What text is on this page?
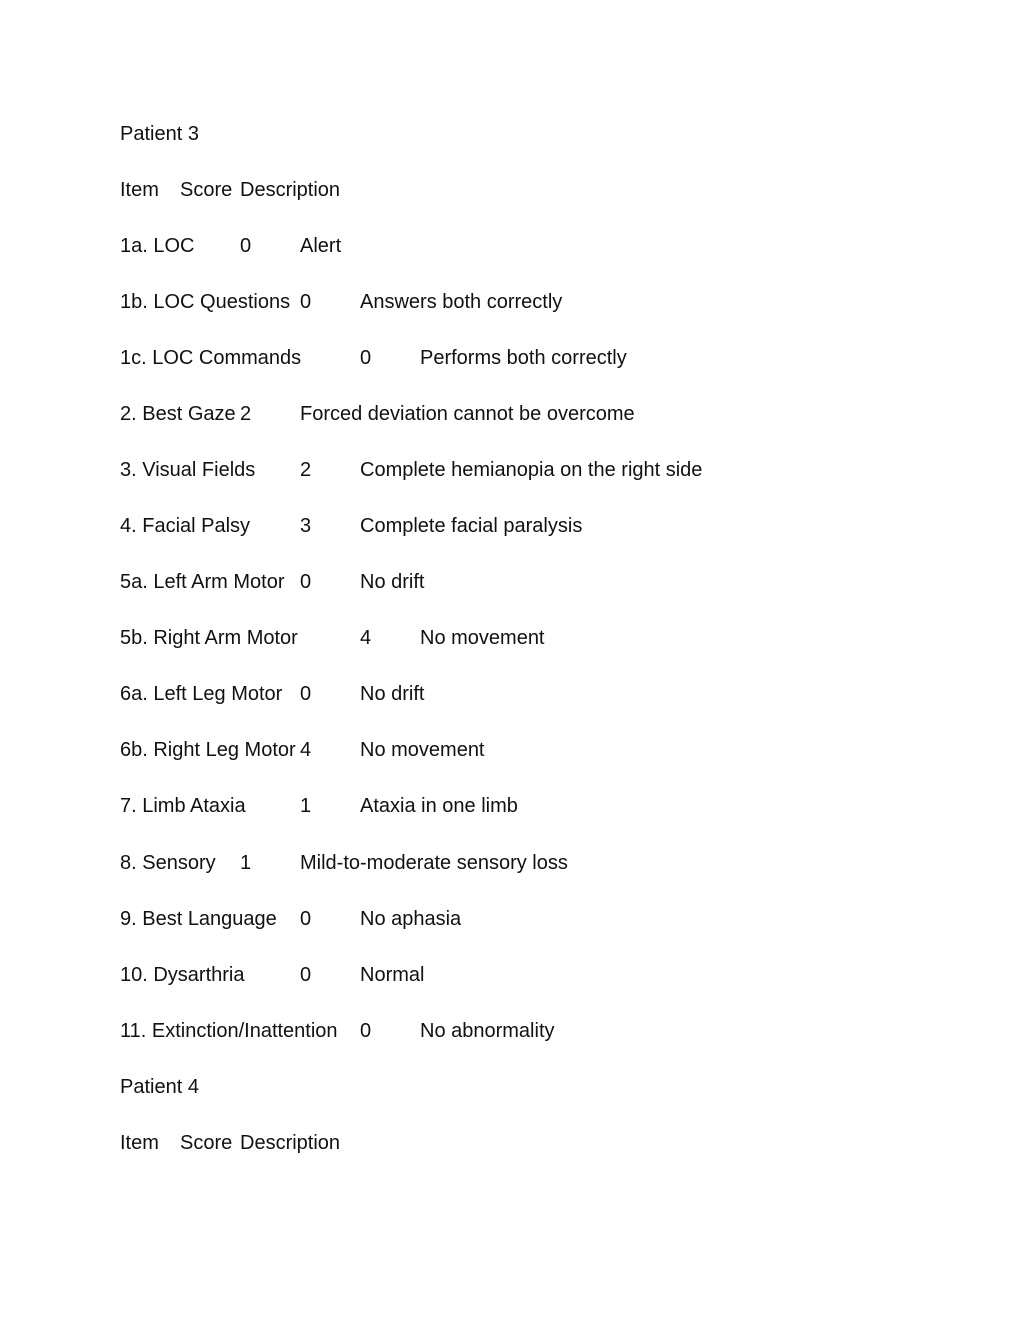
Patient 3
Item Score Description
1a. LOC 0 Alert
1b. LOC Questions 0 Answers both correctly
1c. LOC Commands	0 Performs both correctly
2. Best Gaze 2 Forced deviation cannot be overcome
3. Visual Fields 2 Complete hemianopia on the right side
4. Facial Palsy 3 Complete facial paralysis
5a. Left Arm Motor 0 No drift
5b. Right Arm Motor	4 No movement
6a. Left Leg Motor 0 No drift
6b. Right Leg Motor 4 No movement
7. Limb Ataxia	1 Ataxia in one limb
8. Sensory 1 Mild-to-moderate sensory loss
9. Best Language 0 No aphasia
10. Dysarthria	0 Normal
11. Extinction/Inattention 0 No abnormality
Patient 4
Item Score Description
